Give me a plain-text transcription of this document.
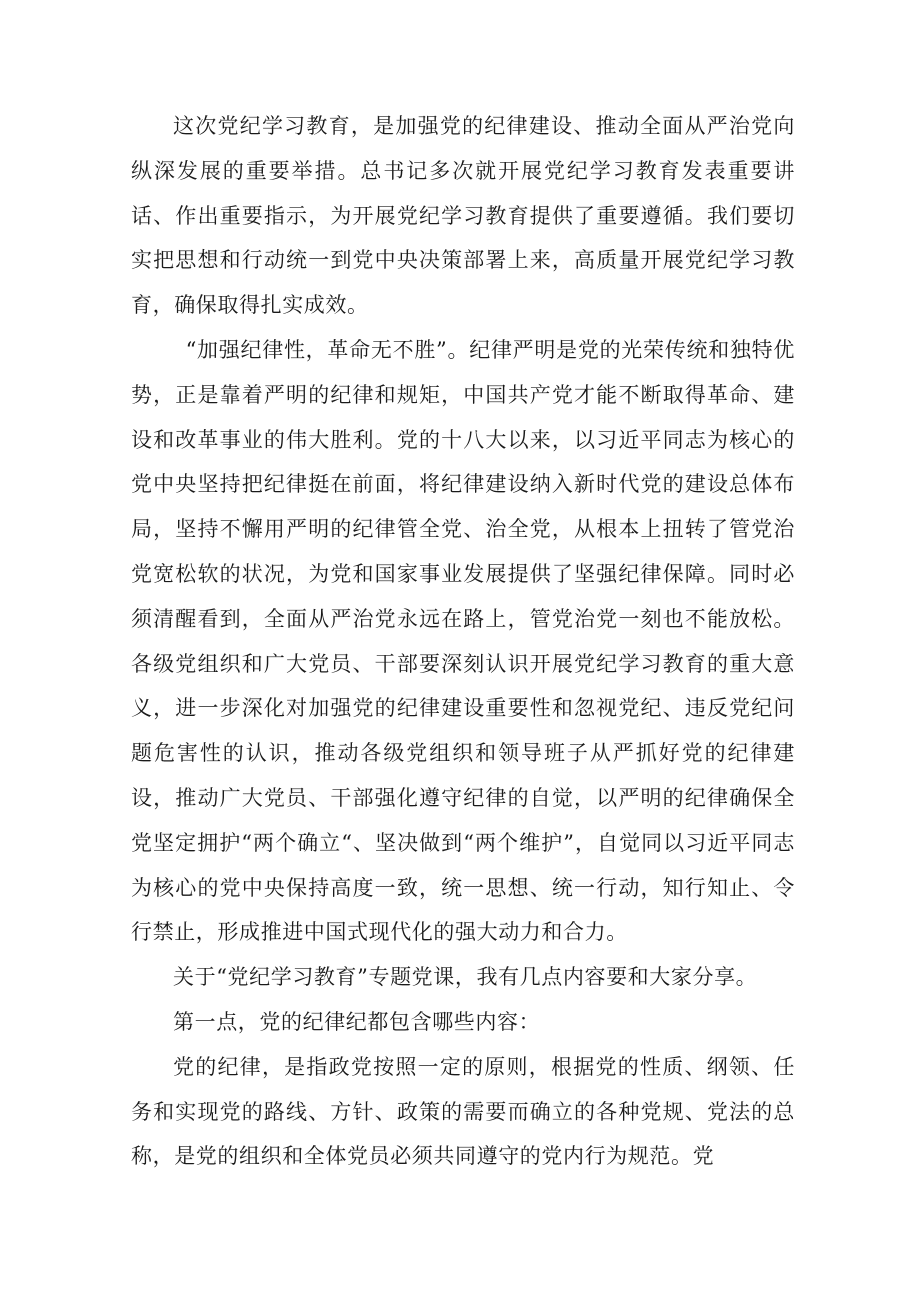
这次党纪学习教育，是加强党的纪律建设、推动全面从严治党向纵深发展的重要举措。总书记多次就开展党纪学习教育发表重要讲话、作出重要指示，为开展党纪学习教育提供了重要遵循。我们要切实把思想和行动统一到党中央决策部署上来，高质量开展党纪学习教育，确保取得扎实成效。

“加强纪律性，革命无不胜”。纪律严明是党的光荣传统和独特优势，正是靠着严明的纪律和规矩，中国共产党才能不断取得革命、建设和改革事业的伟大胜利。党的十八大以来，以习近平同志为核心的党中央坚持把纪律挺在前面，将纪律建设纳入新时代党的建设总体布局，坚持不懈用严明的纪律管全党、治全党，从根本上扭转了管党治党宽松软的状况，为党和国家事业发展提供了坚强纪律保障。同时必须清醒看到，全面从严治党永远在路上，管党治党一刻也不能放松。各级党组织和广大党员、干部要深刻认识开展党纪学习教育的重大意义，进一步深化对加强党的纪律建设重要性和忽视党纪、违反党纪问题危害性的认识，推动各级党组织和领导班子从严抓好党的纪律建设，推动广大党员、干部强化遵守纪律的自觉，以严明的纪律确保全党坚定拥护“两个确立“、坚决做到“两个维护”，自觉同以习近平同志为核心的党中央保持高度一致，统一思想、统一行动，知行知止、令行禁止，形成推进中国式现代化的强大动力和合力。

关于“党纪学习教育”专题党课，我有几点内容要和大家分享。

第一点，党的纪律纪都包含哪些内容：

党的纪律，是指政党按照一定的原则，根据党的性质、纲领、任务和实现党的路线、方针、政策的需要而确立的各种党规、党法的总称，是党的组织和全体党员必须共同遵守的党内行为规范。党
